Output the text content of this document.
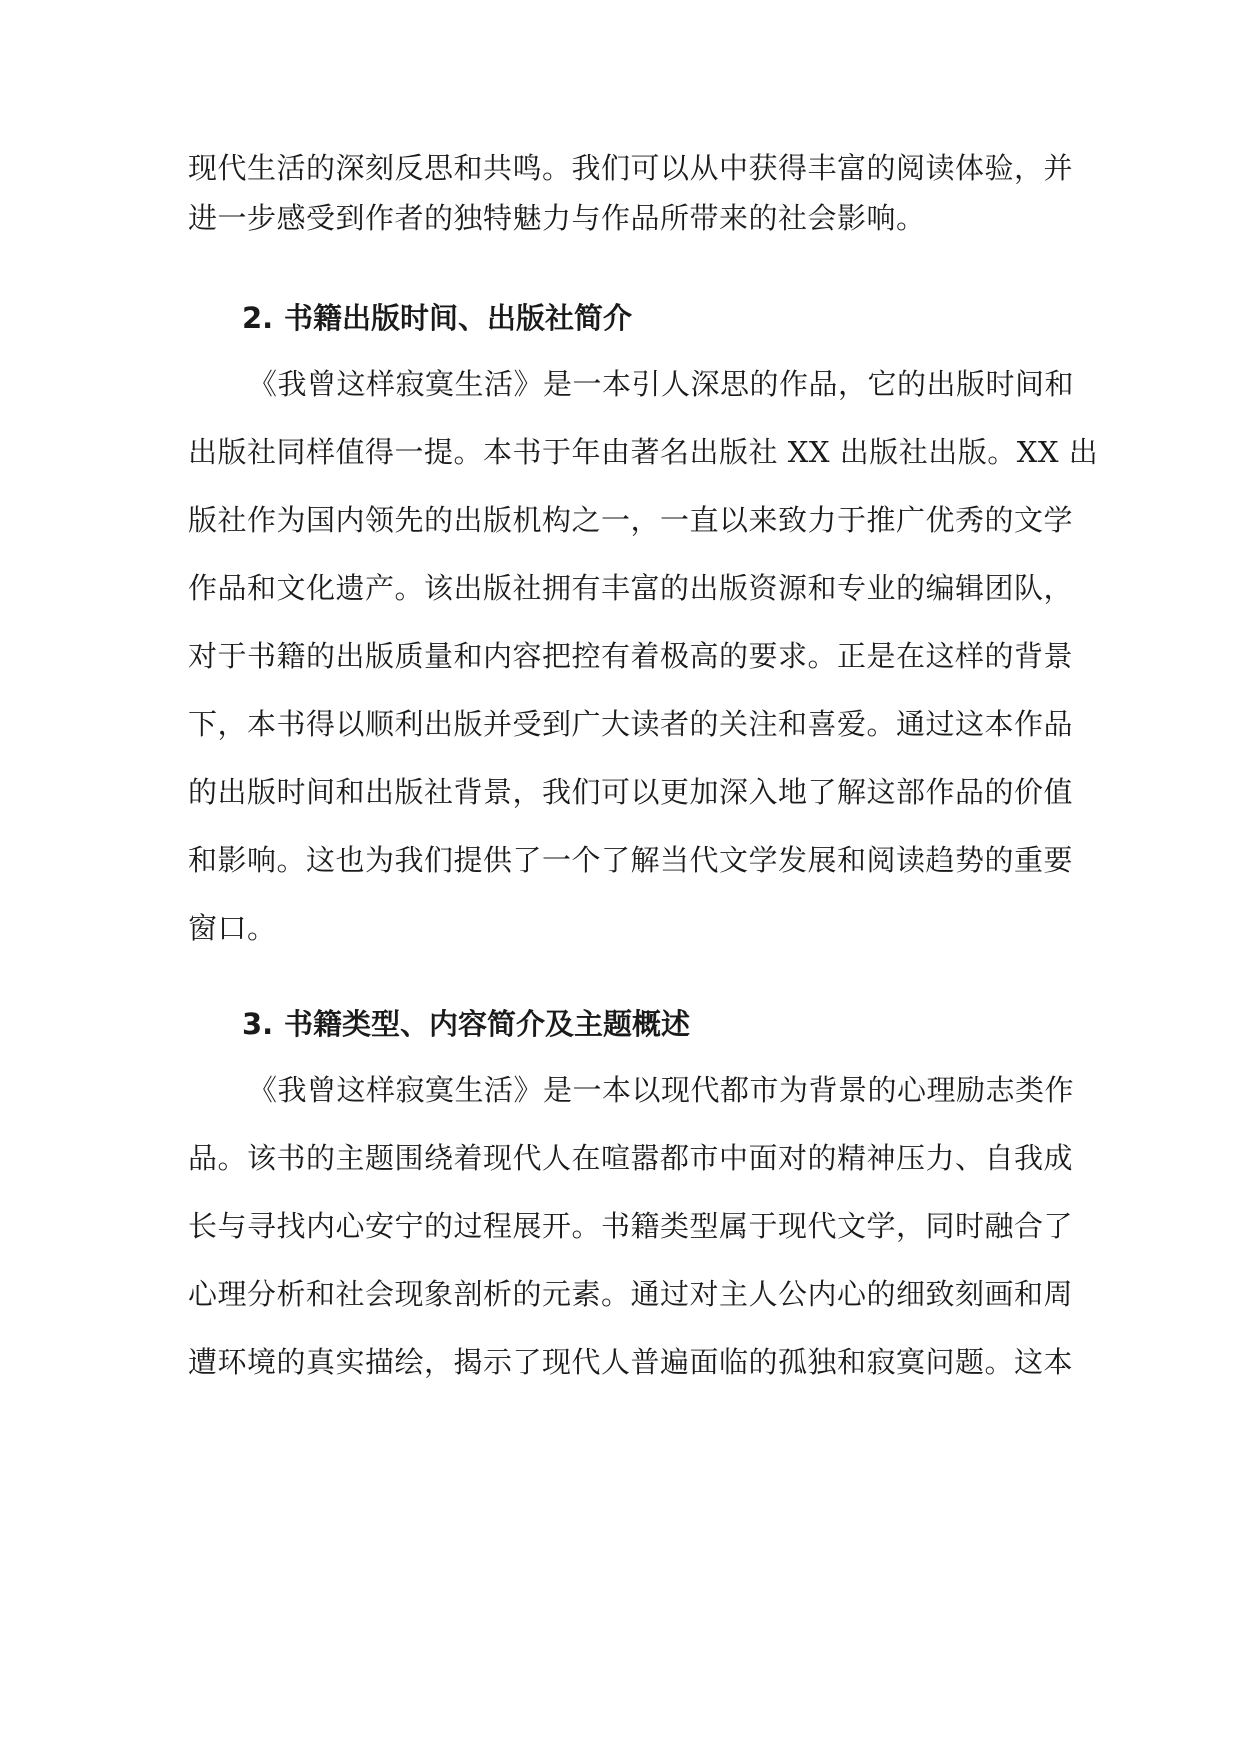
现代生活的深刻反思和共鸣。我们可以从中获得丰富的阅读体验，并
进一步感受到作者的独特魅力与作品所带来的社会影响。
2. 书籍出版时间、出版社简介
《我曾这样寂寞生活》是一本引人深思的作品，它的出版时间和
出版社同样值得一提。本书于年由著名出版社 XX 出版社出版。XX 出
版社作为国内领先的出版机构之一，一直以来致力于推广优秀的文学
作品和文化遗产。该出版社拥有丰富的出版资源和专业的编辑团队，
对于书籍的出版质量和内容把控有着极高的要求。正是在这样的背景
下，本书得以顺利出版并受到广大读者的关注和喜爱。通过这本作品
的出版时间和出版社背景，我们可以更加深入地了解这部作品的价值
和影响。这也为我们提供了一个了解当代文学发展和阅读趋势的重要
窗口。
3. 书籍类型、内容简介及主题概述
《我曾这样寂寞生活》是一本以现代都市为背景的心理励志类作
品。该书的主题围绕着现代人在喧嚣都市中面对的精神压力、自我成
长与寻找内心安宁的过程展开。书籍类型属于现代文学，同时融合了
心理分析和社会现象剖析的元素。通过对主人公内心的细致刻画和周
遭环境的真实描绘，揭示了现代人普遍面临的孤独和寂寞问题。这本
